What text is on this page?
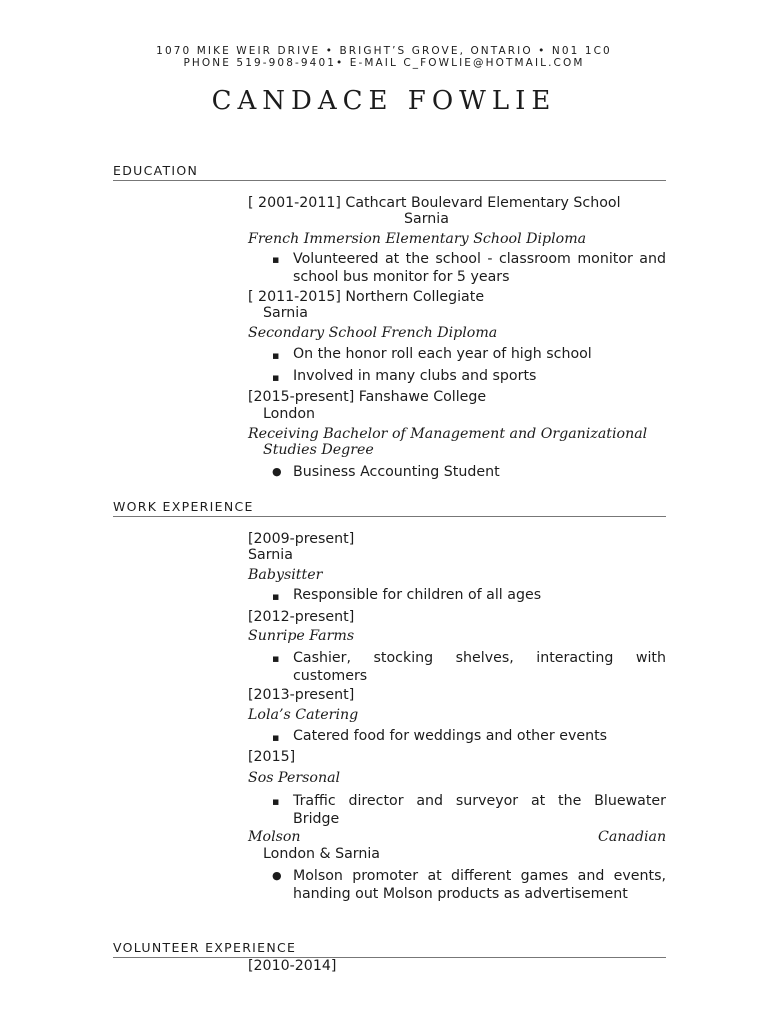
1070 MIKE WEIR DRIVE • BRIGHT’S GROVE, ONTARIO • N01 1C0
PHONE 519-908-9401• E-MAIL C_FOWLIE@HOTMAIL.COM
CANDACE FOWLIE
EDUCATION
[ 2001-2011] Cathcart Boulevard Elementary School
Sarnia
French Immersion Elementary School Diploma
▪ Volunteered at the school - classroom monitor and school bus monitor for 5 years
[ 2011-2015] Northern Collegiate
Sarnia
Secondary School French Diploma
▪ On the honor roll each year of high school
▪ Involved in many clubs and sports
[2015-present] Fanshawe College
London
Receiving Bachelor of Management and Organizational
Studies Degree
● Business Accounting Student
WORK EXPERIENCE
[2009-present]
Sarnia
Babysitter
▪ Responsible for children of all ages
[2012-present]
Sunripe Farms
▪ Cashier, stocking shelves, interacting with customers
[2013-present]
Lola’s Catering
▪ Catered food for weddings and other events
[2015]
Sos Personal
▪ Traffic director and surveyor at the Bluewater Bridge
Molson	Canadian
London & Sarnia
● Molson promoter at different games and events, handing out Molson products as advertisement
VOLUNTEER EXPERIENCE
[2010-2014]
